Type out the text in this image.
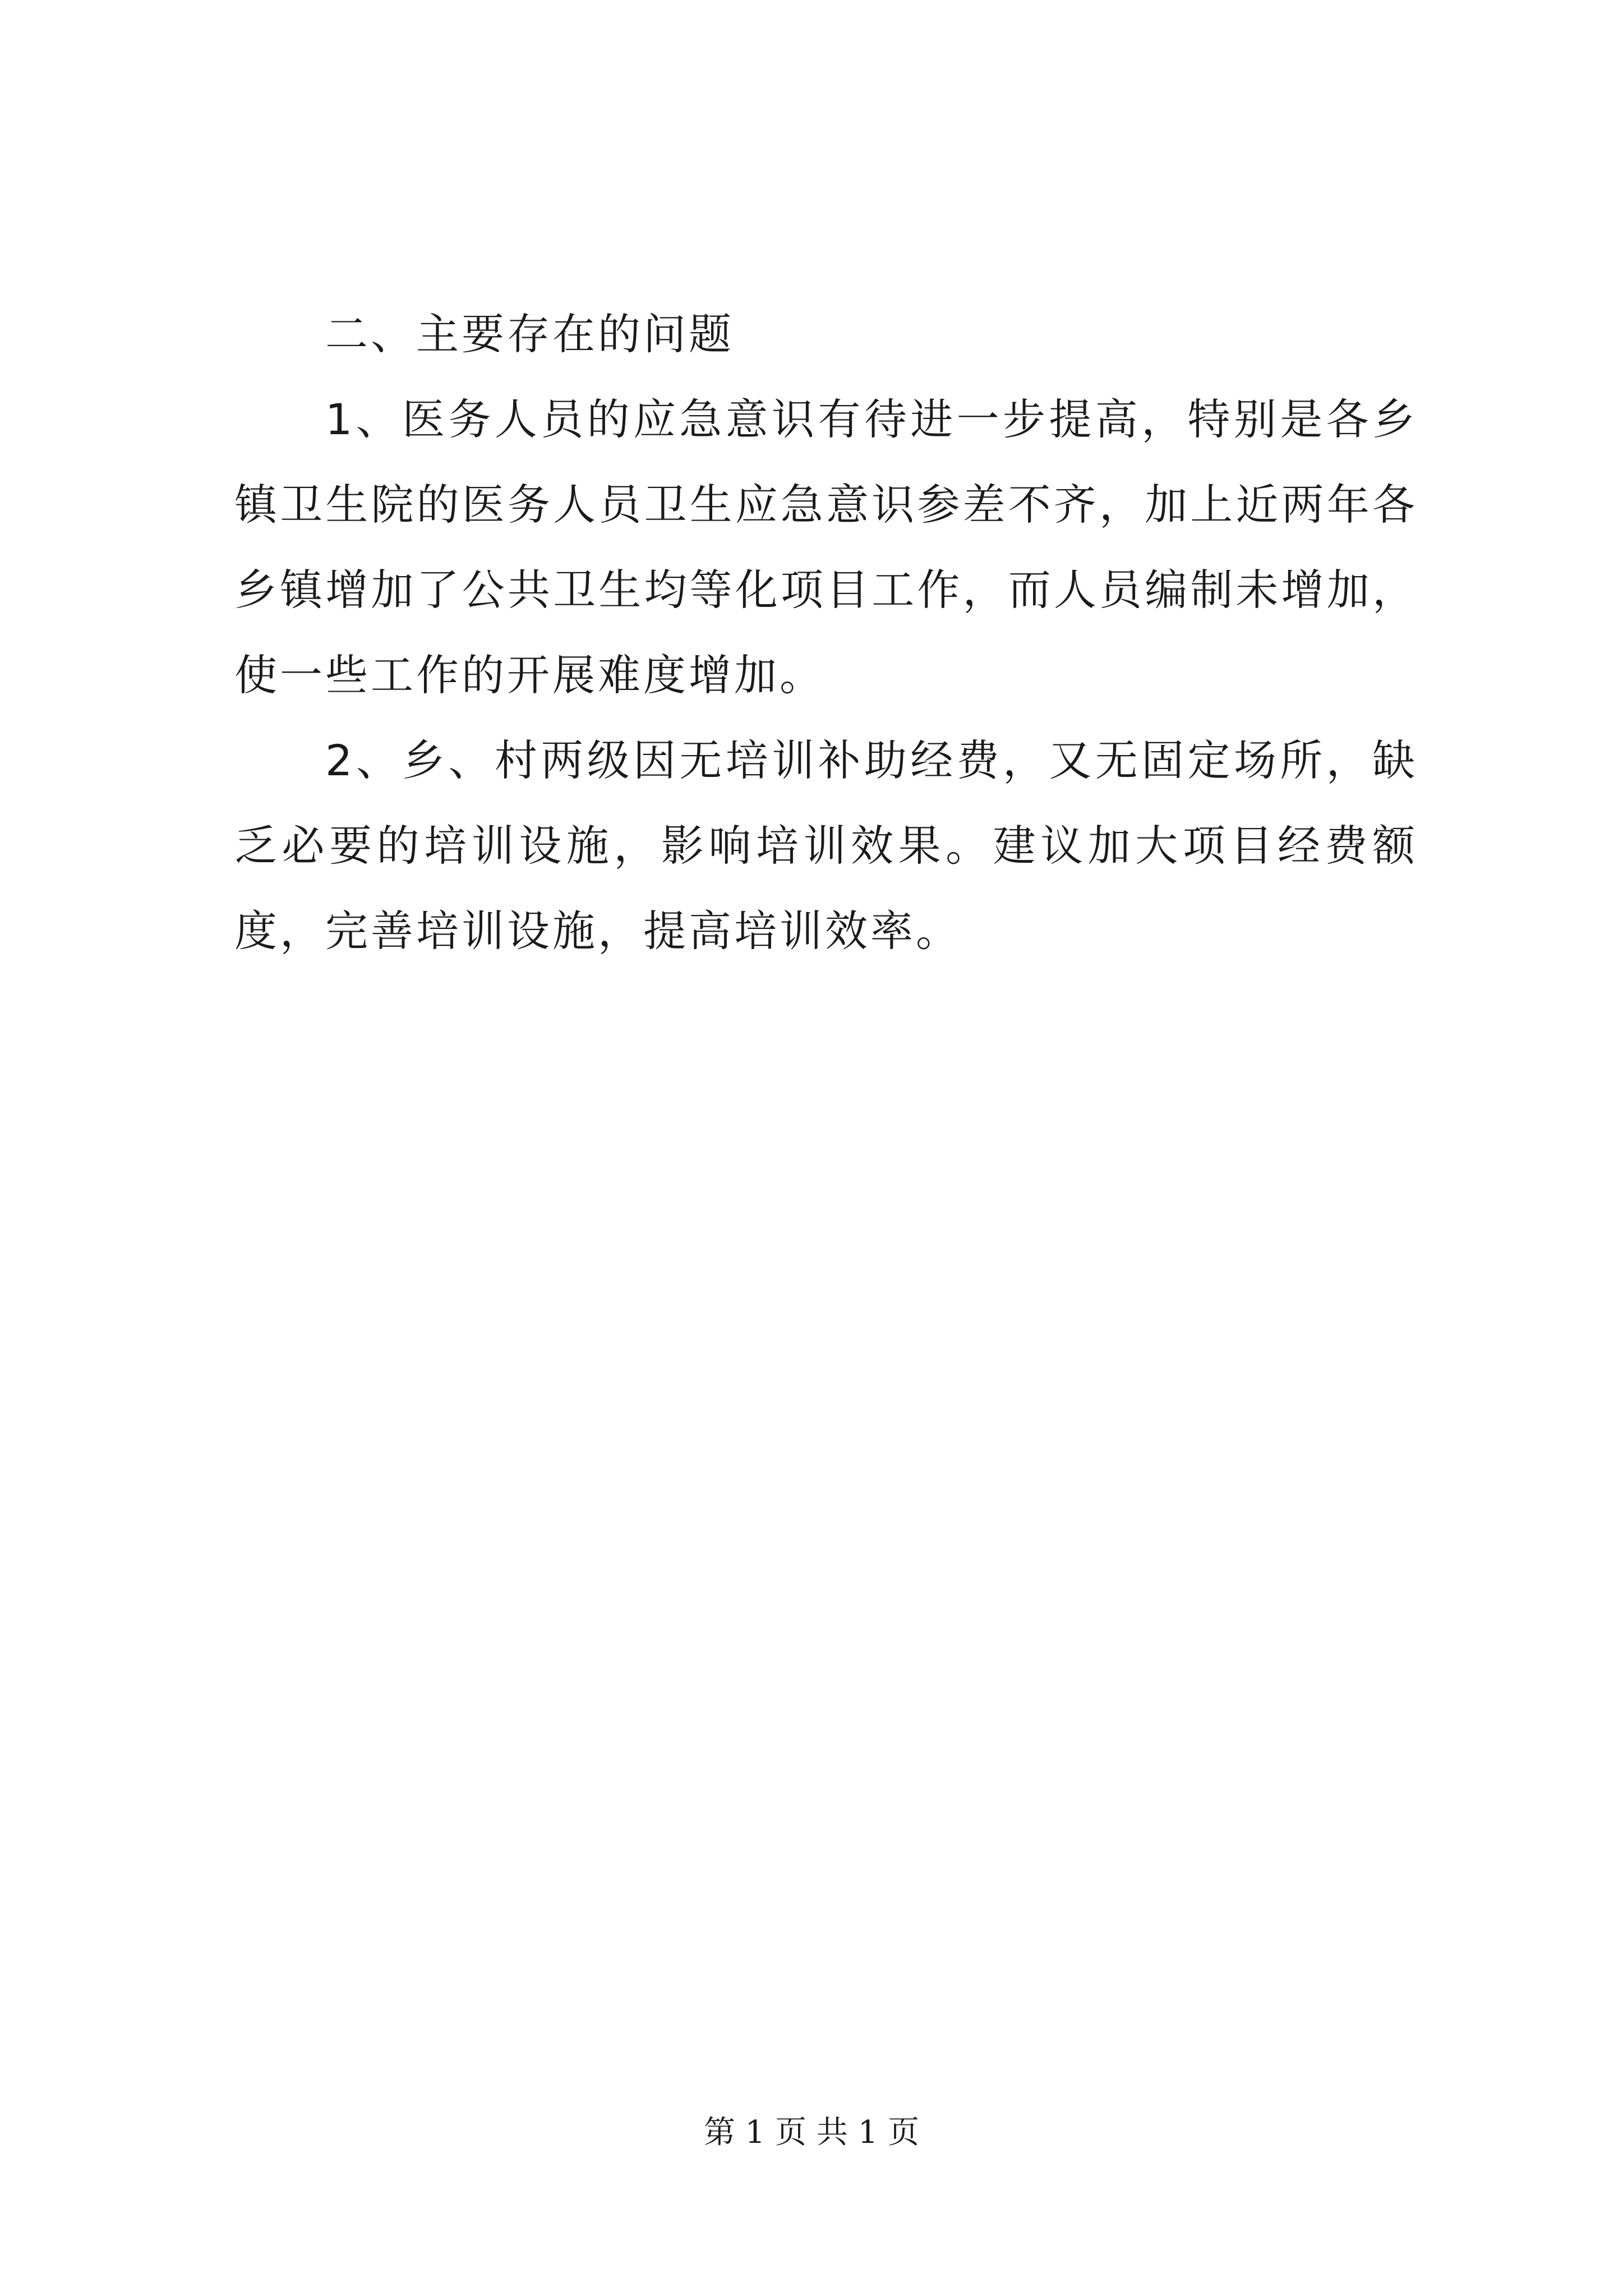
二、主要存在的问题

1、医务人员的应急意识有待进一步提高，特别是各乡镇卫生院的医务人员卫生应急意识参差不齐，加上近两年各乡镇增加了公共卫生均等化项目工作，而人员编制未增加，使一些工作的开展难度增加。

2、乡、村两级因无培训补助经费，又无固定场所，缺乏必要的培训设施，影响培训效果。建议加大项目经费额度，完善培训设施，提高培训效率。

第 1 页 共 1 页
